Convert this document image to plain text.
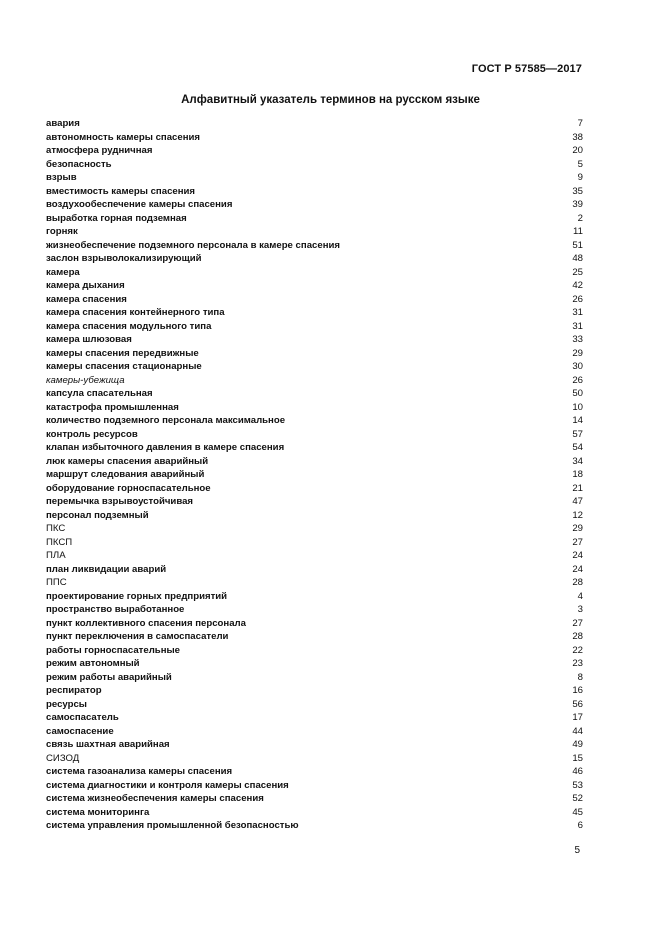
ГОСТ Р 57585—2017
Алфавитный указатель терминов на русском языке
авария	7
автономность камеры спасения	38
атмосфера рудничная	20
безопасность	5
взрыв	9
вместимость камеры спасения	35
воздухообеспечение камеры спасения	39
выработка горная подземная	2
горняк	11
жизнеобеспечение подземного персонала в камере спасения	51
заслон взрыволокализирующий	48
камера	25
камера дыхания	42
камера спасения	26
камера спасения контейнерного типа	31
камера спасения модульного типа	31
камера шлюзовая	33
камеры спасения передвижные	29
камеры спасения стационарные	30
камеры-убежища	26
капсула спасательная	50
катастрофа промышленная	10
количество подземного персонала максимальное	14
контроль ресурсов	57
клапан избыточного давления в камере спасения	54
люк камеры спасения аварийный	34
маршрут следования аварийный	18
оборудование горноспасательное	21
перемычка взрывоустойчивая	47
персонал подземный	12
ПКС	29
ПКСП	27
ПЛА	24
план ликвидации аварий	24
ППС	28
проектирование горных предприятий	4
пространство выработанное	3
пункт коллективного спасения персонала	27
пункт переключения в самоспасатели	28
работы горноспасательные	22
режим автономный	23
режим работы аварийный	8
респиратор	16
ресурсы	56
самоспасатель	17
самоспасение	44
связь шахтная аварийная	49
СИЗОД	15
система газоанализа камеры спасения	46
система диагностики и контроля камеры спасения	53
система жизнеобеспечения камеры спасения	52
система мониторинга	45
система управления промышленной безопасностью	6
5
